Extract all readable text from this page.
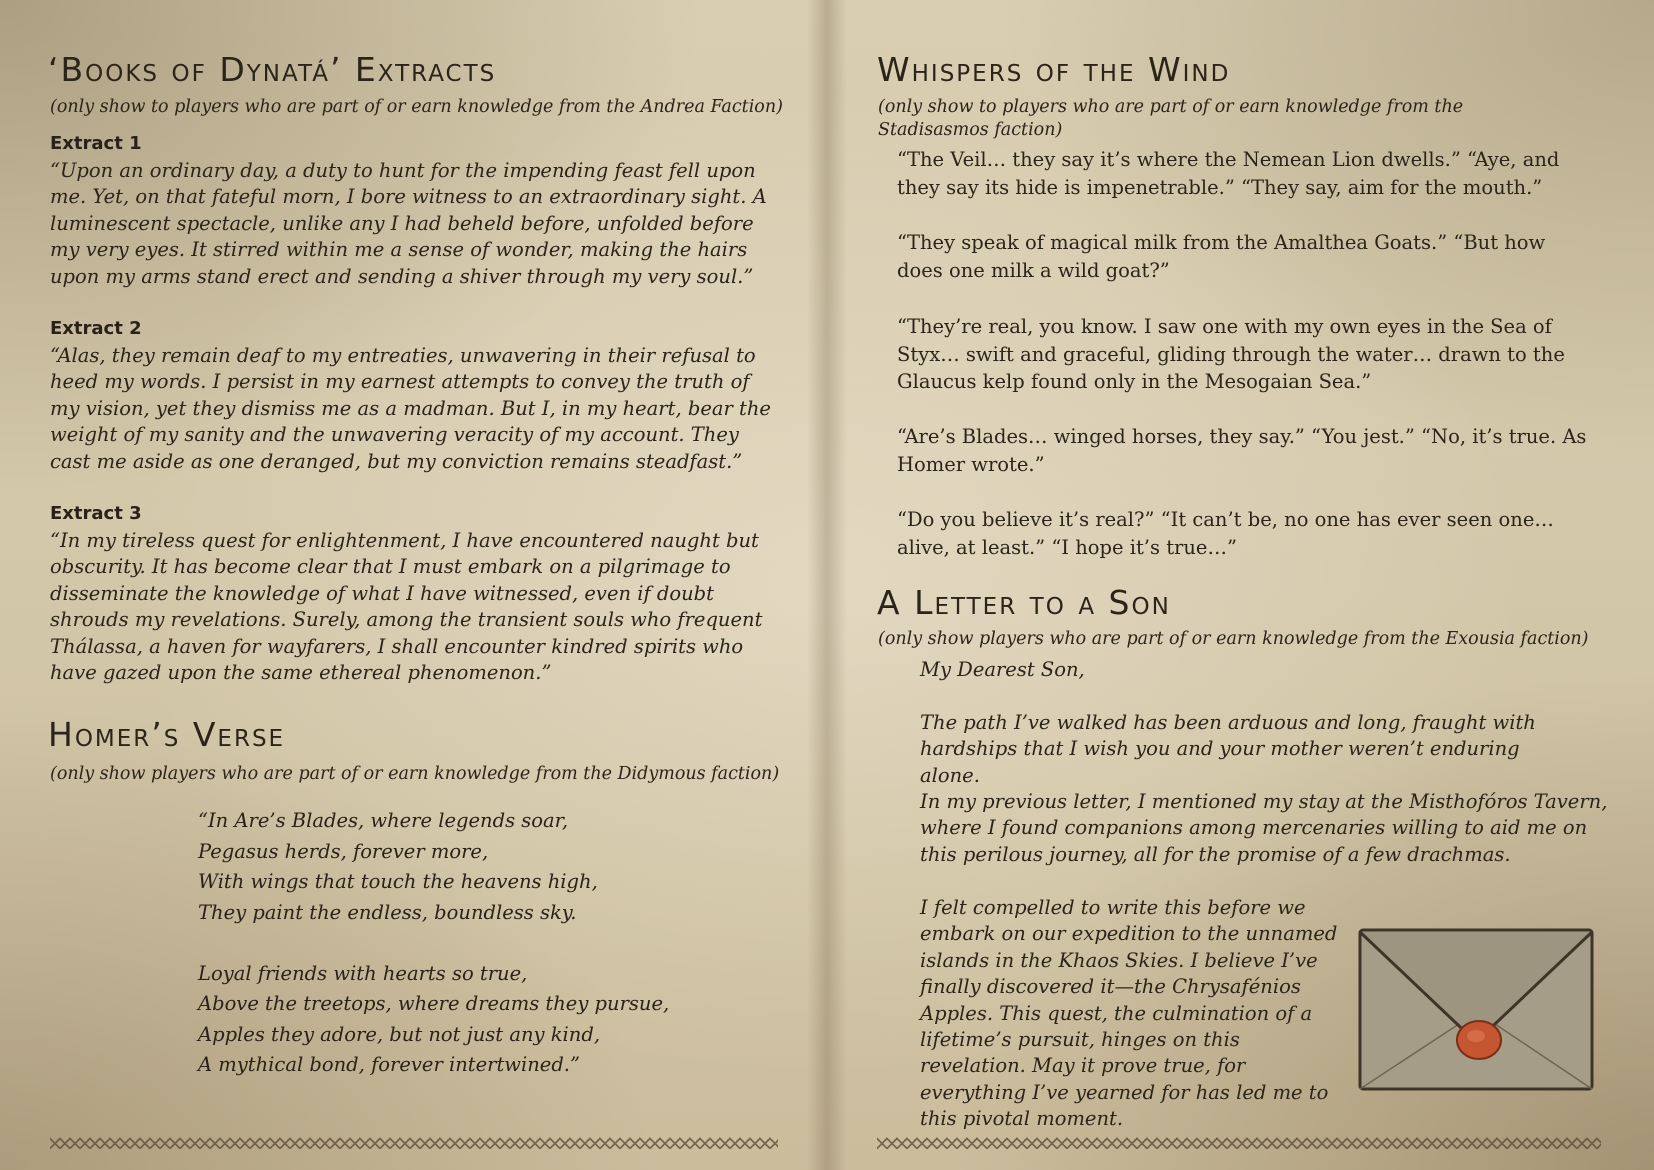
‘Books of Dynatá’ Extracts

(only show to players who are part of or earn knowledge from the Andrea Faction)

Extract 1

“Upon an ordinary day, a duty to hunt for the impending feast fell upon me. Yet, on that fateful morn, I bore witness to an extraordinary sight. A luminescent spectacle, unlike any I had beheld before, unfolded before my very eyes. It stirred within me a sense of wonder, making the hairs upon my arms stand erect and sending a shiver through my very soul.”

Extract 2

“Alas, they remain deaf to my entreaties, unwavering in their refusal to heed my words. I persist in my earnest attempts to convey the truth of my vision, yet they dismiss me as a madman. But I, in my heart, bear the weight of my sanity and the unwavering veracity of my account. They cast me aside as one deranged, but my conviction remains steadfast.”

Extract 3

“In my tireless quest for enlightenment, I have encountered naught but obscurity. It has become clear that I must embark on a pilgrimage to disseminate the knowledge of what I have witnessed, even if doubt shrouds my revelations. Surely, among the transient souls who frequent Thálassa, a haven for wayfarers, I shall encounter kindred spirits who have gazed upon the same ethereal phenomenon.”

Homer’s Verse

(only show players who are part of or earn knowledge from the Didymous faction)

“In Are’s Blades, where legends soar,
Pegasus herds, forever more,
With wings that touch the heavens high,
They paint the endless, boundless sky.
Loyal friends with hearts so true,
Above the treetops, where dreams they pursue,
Apples they adore, but not just any kind,
A mythical bond, forever intertwined.”
Whispers of the Wind

(only show to players who are part of or earn knowledge from the Stadisasmos faction)

“The Veil… they say it’s where the Nemean Lion dwells.” “Aye, and they say its hide is impenetrable.” “They say, aim for the mouth.”

“They speak of magical milk from the Amalthea Goats.” “But how does one milk a wild goat?”

“They’re real, you know. I saw one with my own eyes in the Sea of Styx… swift and graceful, gliding through the water… drawn to the Glaucus kelp found only in the Mesogaian Sea.”

“Are’s Blades… winged horses, they say.” “You jest.” “No, it’s true. As Homer wrote.”

“Do you believe it’s real?” “It can’t be, no one has ever seen one… alive, at least.” “I hope it’s true…”

A Letter to a Son

(only show players who are part of or earn knowledge from the Exousia faction)

My Dearest Son,

The path I’ve walked has been arduous and long, fraught with hardships that I wish you and your mother weren’t enduring alone.

In my previous letter, I mentioned my stay at the Misthofóros Tavern, where I found companions among mercenaries willing to aid me on this perilous journey, all for the promise of a few drachmas.

I felt compelled to write this before we embark on our expedition to the unnamed islands in the Khaos Skies. I believe I’ve finally discovered it—the Chrysafénios Apples. This quest, the culmination of a lifetime’s pursuit, hinges on this revelation. May it prove true, for everything I’ve yearned for has led me to this pivotal moment.
